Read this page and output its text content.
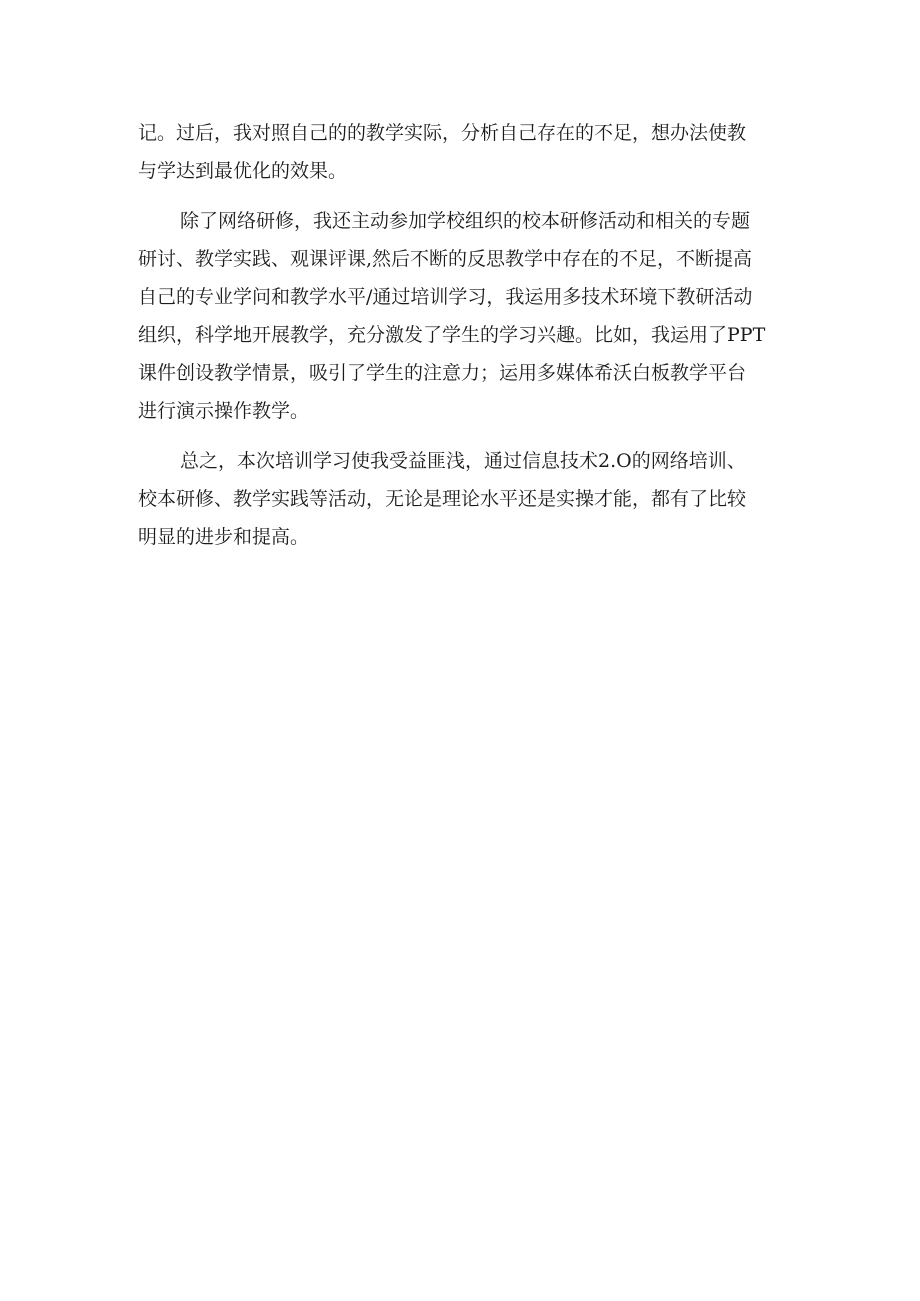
记。过后，我对照自己的的教学实际，分析自己存在的不足，想办法使教
与学达到最优化的效果。
除了网络研修，我还主动参加学校组织的校本研修活动和相关的专题
研讨、教学实践、观课评课,然后不断的反思教学中存在的不足，不断提高
自己的专业学问和教学水平/通过培训学习，我运用多技术环境下教研活动
组织，科学地开展教学，充分激发了学生的学习兴趣。比如，我运用了PPT
课件创设教学情景，吸引了学生的注意力；运用多媒体希沃白板教学平台
进行演示操作教学。
总之，本次培训学习使我受益匪浅，通过信息技术2.O的网络培训、
校本研修、教学实践等活动，无论是理论水平还是实操才能，都有了比较
明显的进步和提高。
